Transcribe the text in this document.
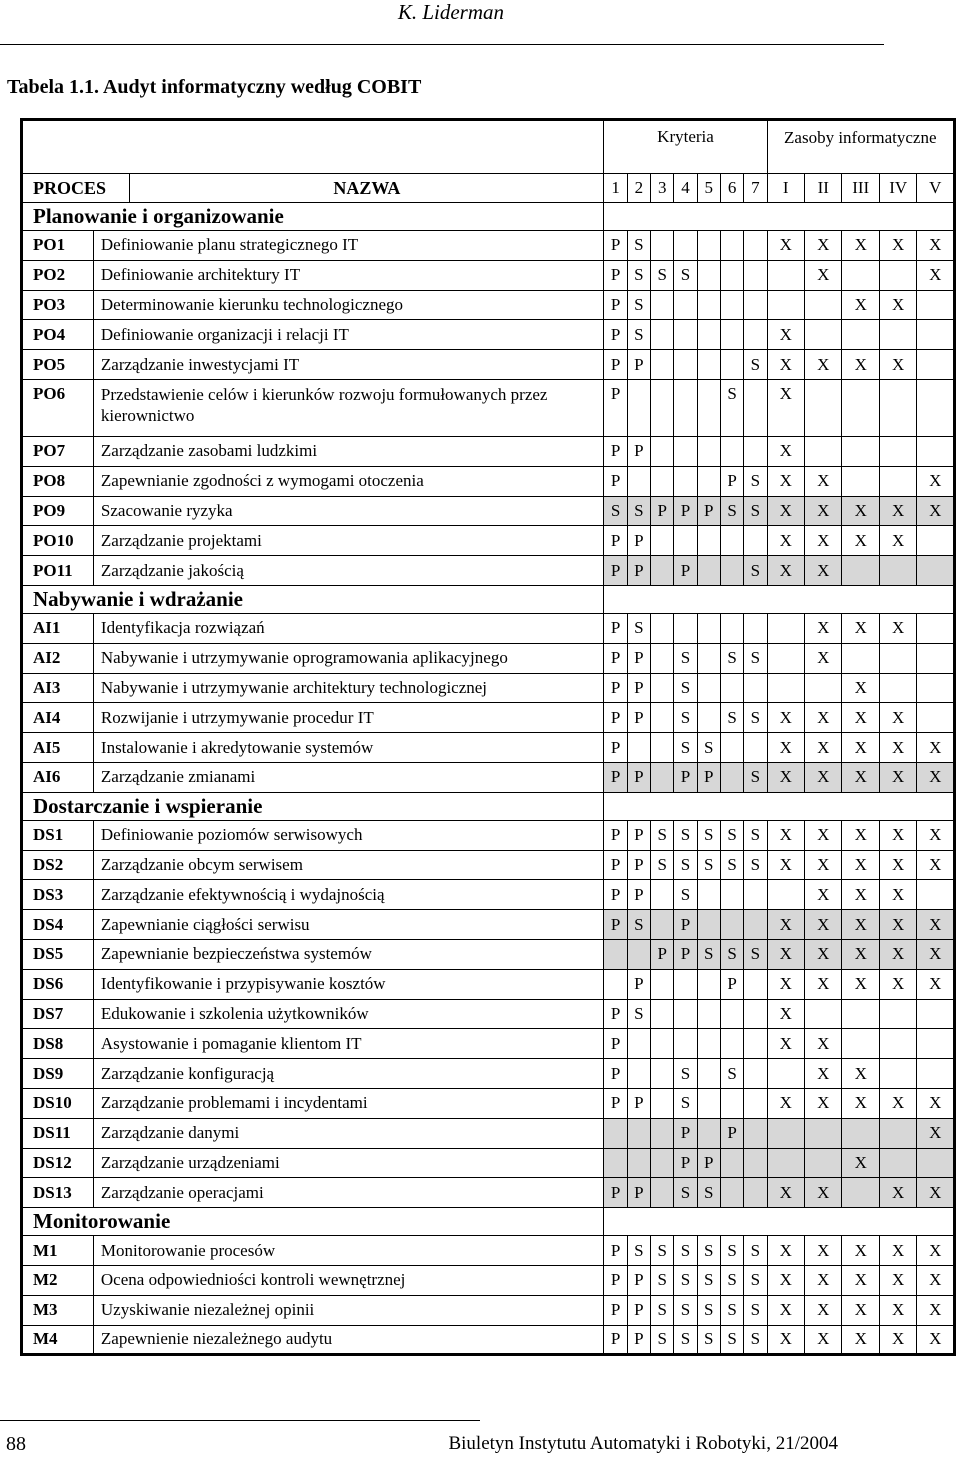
K. Liderman
Tabela 1.1. Audyt informatyczny według COBIT
			Kryteria							Zasoby informatyczne				
PROCES		NAZWA	1	2	3	4	5	6	7	I	II	III	IV	V
Planowanie i organizowanie														
PO1	Definiowanie planu strategicznego IT		P	S						X	X	X	X	X
PO2	Definiowanie architektury IT		P	S	S	S					X			X
PO3	Determinowanie kierunku technologicznego		P	S								X	X	
PO4	Definiowanie organizacji i relacji IT		P	S						X				
PO5	Zarządzanie inwestycjami IT		P	P					S	X	X	X	X	
PO6	Przedstawienie celów i kierunków rozwoju formułowanych przez kierownictwo		P					S		X				
PO7	Zarządzanie zasobami ludzkimi		P	P						X				
PO8	Zapewnianie zgodności z wymogami otoczenia		P					P	S	X	X			X
PO9	Szacowanie ryzyka		S	S	P	P	P	S	S	X	X	X	X	X
PO10	Zarządzanie projektami		P	P						X	X	X	X	
PO11	Zarządzanie jakością		P	P		P			S	X	X			
Nabywanie i wdrażanie														
AI1	Identyfikacja rozwiązań		P	S							X	X	X	
AI2	Nabywanie i utrzymywanie oprogramowania aplikacyjnego		P	P		S		S	S		X			
AI3	Nabywanie i utrzymywanie architektury technologicznej		P	P		S						X		
AI4	Rozwijanie i utrzymywanie procedur IT		P	P		S		S	S	X	X	X	X	
AI5	Instalowanie i akredytowanie systemów		P			S	S			X	X	X	X	X
AI6	Zarządzanie zmianami		P	P		P	P		S	X	X	X	X	X
Dostarczanie i wspieranie														
DS1	Definiowanie poziomów serwisowych		P	P	S	S	S	S	S	X	X	X	X	X
DS2	Zarządzanie obcym serwisem		P	P	S	S	S	S	S	X	X	X	X	X
DS3	Zarządzanie efektywnością i wydajnością		P	P		S					X	X	X	
DS4	Zapewnianie ciągłości serwisu		P	S		P				X	X	X	X	X
DS5	Zapewnianie bezpieczeństwa systemów				P	P	S	S	S	X	X	X	X	X
DS6	Identyfikowanie i przypisywanie kosztów			P				P		X	X	X	X	X
DS7	Edukowanie i szkolenia użytkowników		P	S						X				
DS8	Asystowanie i pomaganie klientom IT		P							X	X			
DS9	Zarządzanie konfiguracją		P			S		S			X	X		
DS10	Zarządzanie problemami i incydentami		P	P		S				X	X	X	X	X
DS11	Zarządzanie danymi					P		P						X
DS12	Zarządzanie urządzeniami					P	P					X		
DS13	Zarządzanie operacjami		P	P		S	S			X	X		X	X
Monitorowanie														
M1	Monitorowanie procesów		P	S	S	S	S	S	S	X	X	X	X	X
M2	Ocena odpowiedniości kontroli wewnętrznej		P	P	S	S	S	S	S	X	X	X	X	X
M3	Uzyskiwanie niezależnej opinii		P	P	S	S	S	S	S	X	X	X	X	X
M4	Zapewnienie niezależnego audytu		P	P	S	S	S	S	S	X	X	X	X	X
88	Biuletyn Instytutu Automatyki i Robotyki, 21/2004
